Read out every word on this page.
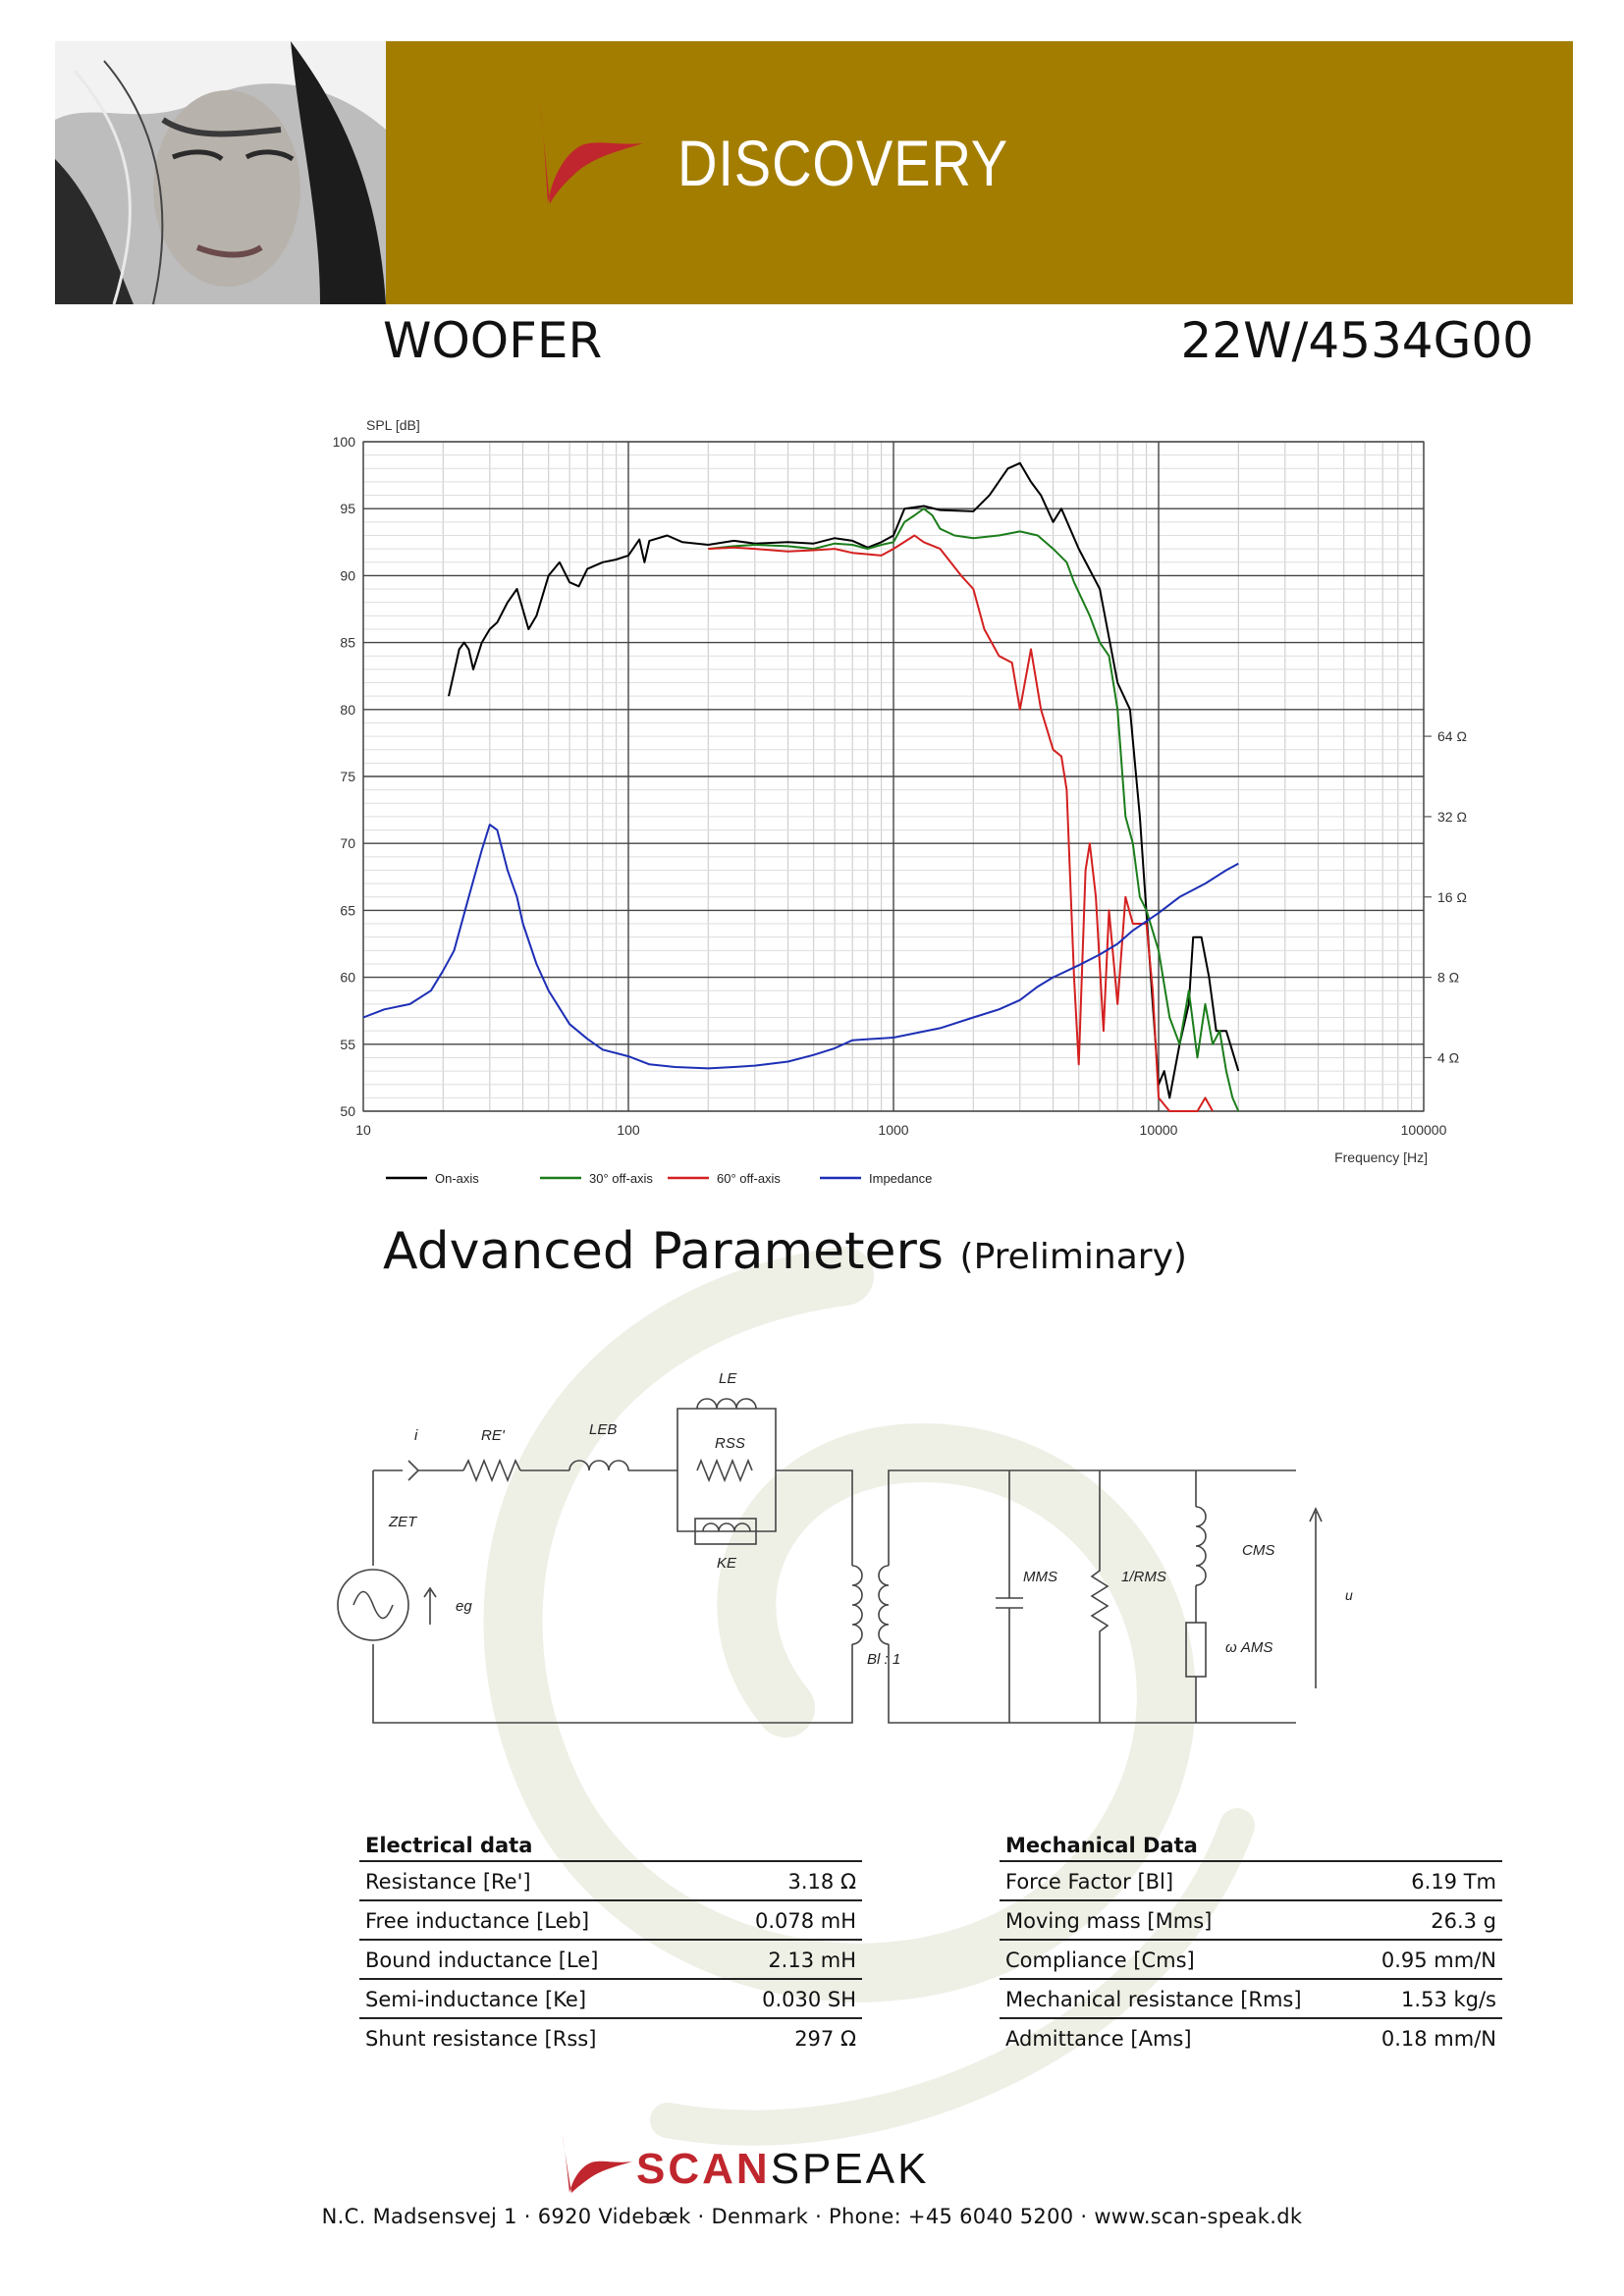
DISCOVERY
WOOFER	22W/4534G00
10	100	1000	10000	100000
50
55
60
65
70
75
80
85
90
95
100
4 Ω
8 Ω
16 Ω
32 Ω
64 Ω
SPL [dB]
Frequency [Hz]
On-axis	30° off-axis	60° off-axis	Impedance
Advanced Parameters (Preliminary)
i	RE'	LEB
LE
RSS
KE
ZET
eg
Bl : 1
MMS	1/RMS
CMS
ω AMS
u
Electrical data	
Resistance [Re']	3.18 Ω
Free inductance [Leb]	0.078 mH
Bound inductance [Le]	2.13 mH
Semi-inductance [Ke]	0.030 SH
Shunt resistance [Rss]	297 Ω
Mechanical Data	
Force Factor [Bl]	6.19 Tm
Moving mass [Mms]	26.3 g
Compliance [Cms]	0.95 mm/N
Mechanical resistance [Rms]	1.53 kg/s
Admittance [Ams]	0.18 mm/N
SCANSPEAK
N.C. Madsensvej 1 · 6920 Videbæk · Denmark · Phone: +45 6040 5200 · www.scan-speak.dk
